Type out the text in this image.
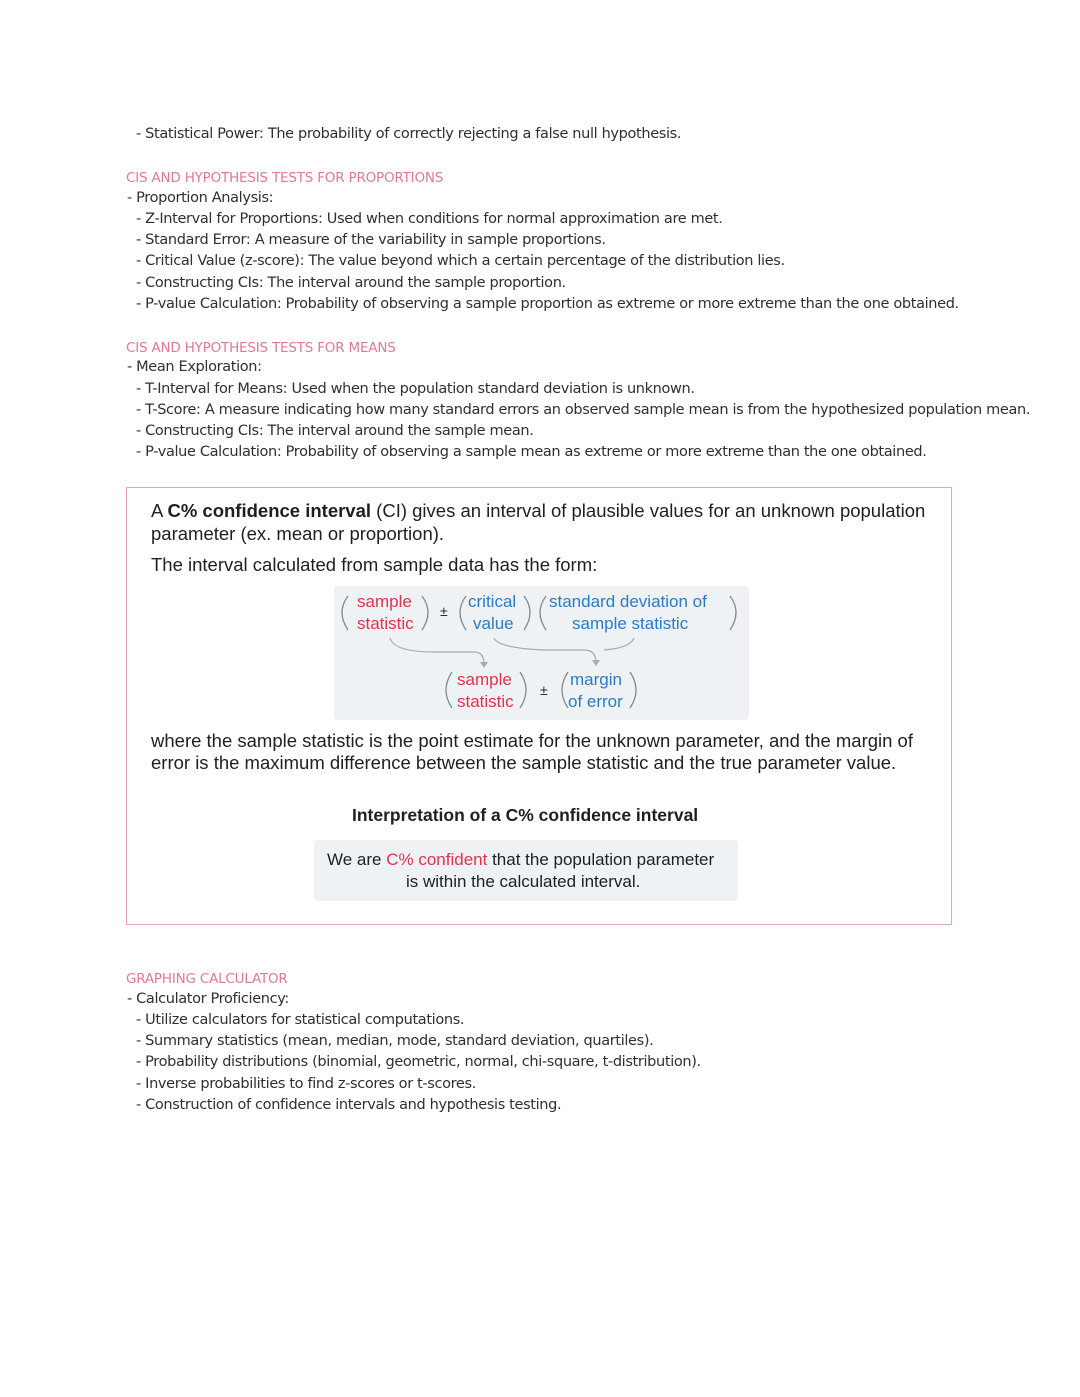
- Statistical Power: The probability of correctly rejecting a false null hypothesis.
CIS AND HYPOTHESIS TESTS FOR PROPORTIONS
- Proportion Analysis:
- Z-Interval for Proportions: Used when conditions for normal approximation are met.
- Standard Error: A measure of the variability in sample proportions.
- Critical Value (z-score): The value beyond which a certain percentage of the distribution lies.
- Constructing CIs: The interval around the sample proportion.
- P-value Calculation: Probability of observing a sample proportion as extreme or more extreme than the one obtained.
CIS AND HYPOTHESIS TESTS FOR MEANS
- Mean Exploration:
- T-Interval for Means: Used when the population standard deviation is unknown.
- T-Score: A measure indicating how many standard errors an observed sample mean is from the hypothesized population mean.
- Constructing CIs: The interval around the sample mean.
- P-value Calculation: Probability of observing a sample mean as extreme or more extreme than the one obtained.
A C% confidence interval (CI) gives an interval of plausible values for an unknown population
parameter (ex. mean or proportion).
The interval calculated from sample data has the form:
sample
statistic
± critical
value
standard deviation of
sample statistic
sample
statistic
±
margin
of error
where the sample statistic is the point estimate for the unknown parameter, and the margin of
error is the maximum difference between the sample statistic and the true parameter value.
Interpretation of a C% confidence interval
We are C% confident that the population parameter
is within the calculated interval.
GRAPHING CALCULATOR
- Calculator Proficiency:
- Utilize calculators for statistical computations.
- Summary statistics (mean, median, mode, standard deviation, quartiles).
- Probability distributions (binomial, geometric, normal, chi-square, t-distribution).
- Inverse probabilities to find z-scores or t-scores.
- Construction of confidence intervals and hypothesis testing.
